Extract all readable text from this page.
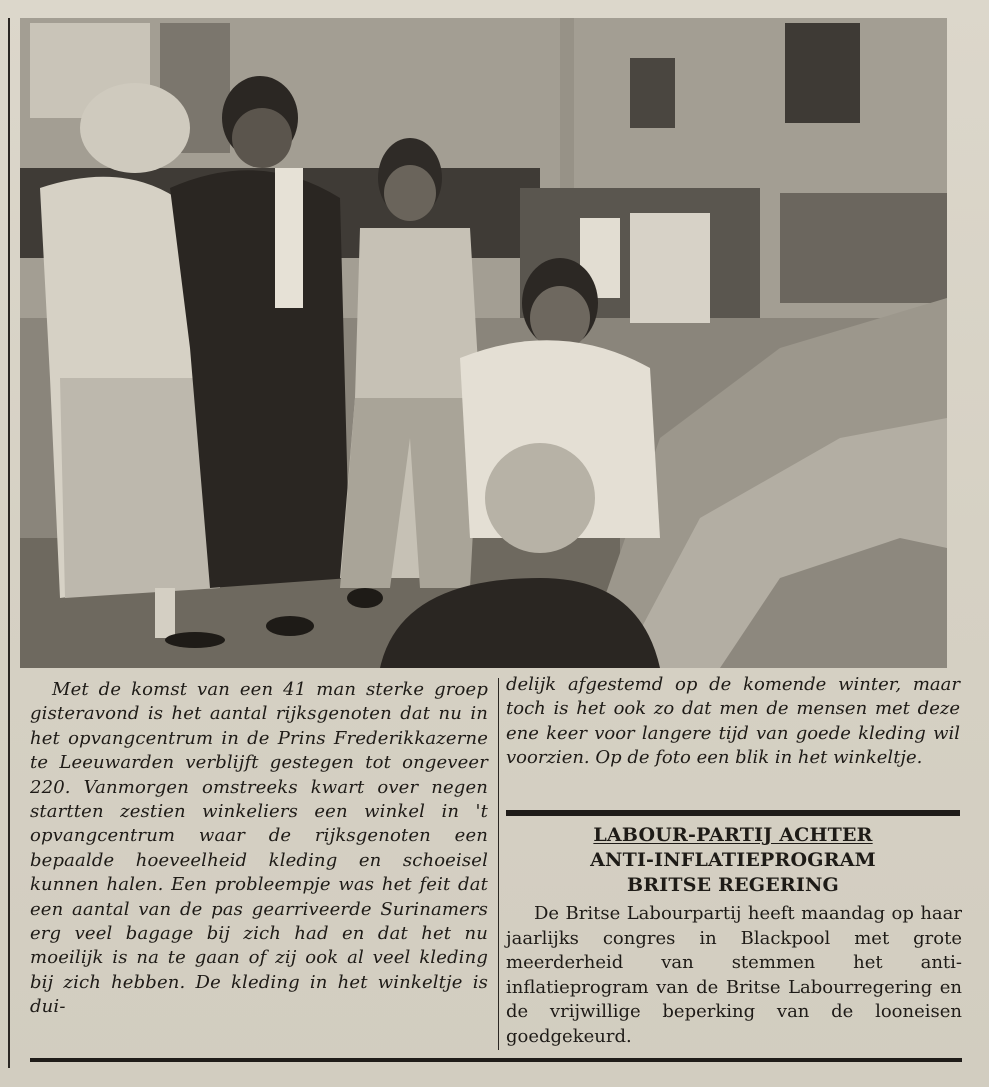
Met de komst van een 41 man sterke groep gisteravond is het aantal rijksgenoten dat nu in het opvangcentrum in de Prins Frederikkazerne te Leeuwarden verblijft gestegen tot ongeveer 220. Vanmorgen omstreeks kwart over negen startten zestien winkeliers een winkel in 't opvangcentrum waar de rijksgenoten een bepaalde hoeveelheid kleding en schoeisel kunnen halen. Een probleempje was het feit dat een aantal van de pas gearriveerde Surinamers erg veel bagage bij zich had en dat het nu moeilijk is na te gaan of zij ook al veel kleding bij zich hebben. De kleding in het winkeltje is dui-
delijk afgestemd op de komende winter, maar toch is het ook zo dat men de mensen met deze ene keer voor langere tijd van goede kleding wil voorzien. Op de foto een blik in het winkeltje.
LABOUR-PARTIJ ACHTER
ANTI-INFLATIEPROGRAM
BRITSE REGERING
De Britse Labourpartij heeft maandag op haar jaarlijks congres in Blackpool met grote meerderheid van stemmen het anti-inflatieprogram van de Britse Labourregering en de vrijwillige beperking van de looneisen goedgekeurd.
